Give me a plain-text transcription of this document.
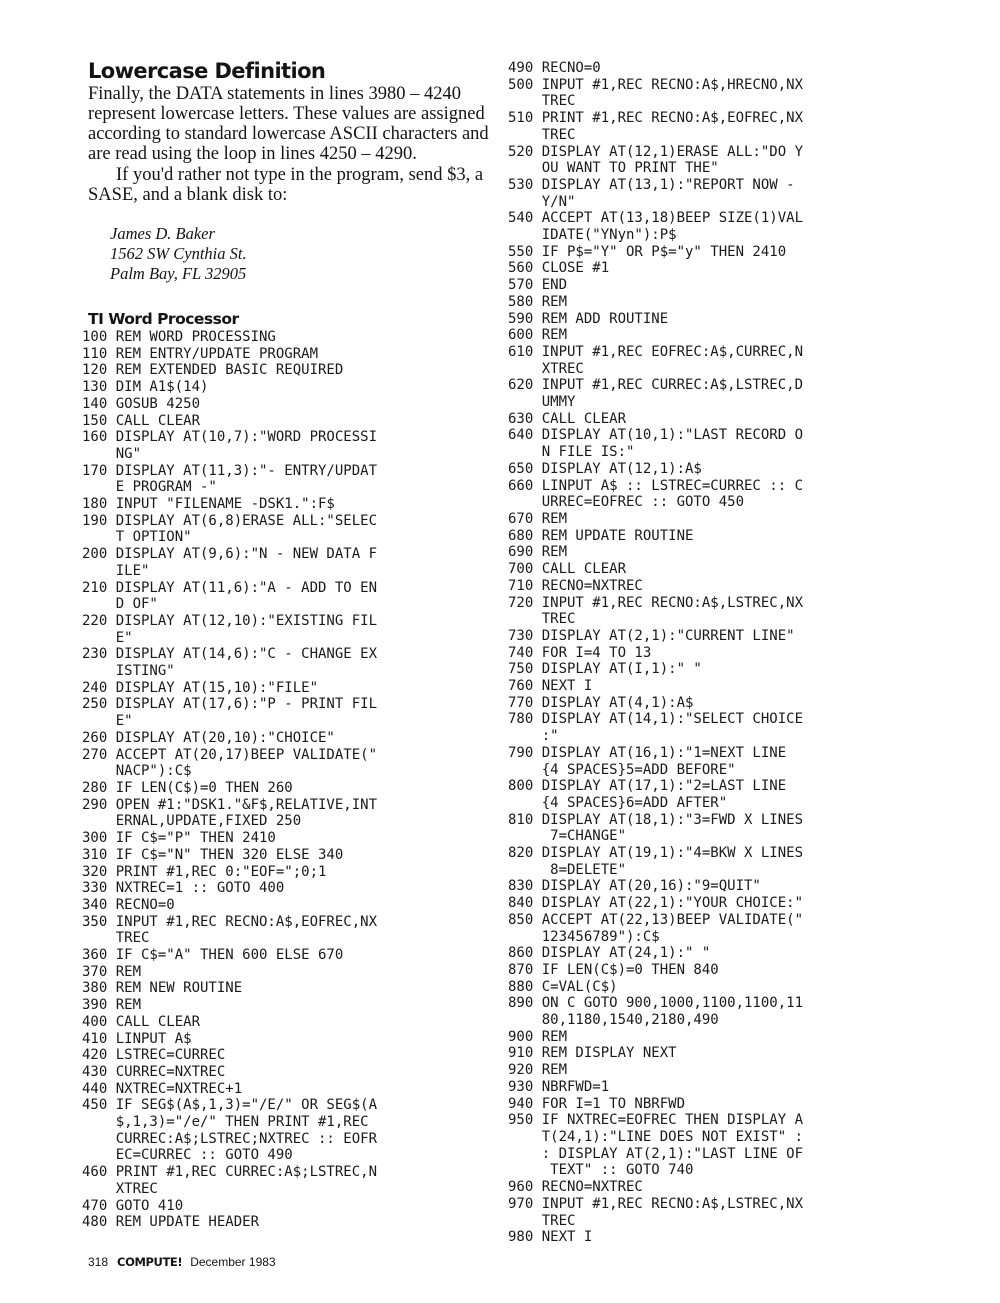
Lowercase Definition

Finally, the DATA statements in lines 3980 – 4240 represent lowercase letters. These values are assigned according to standard lowercase ASCII characters and are read using the loop in lines 4250 – 4290.

If you'd rather not type in the program, send $3, a SASE, and a blank disk to:

James D. Baker
1562 SW Cynthia St.
Palm Bay, FL 32905
TI Word Processor
100 REM WORD PROCESSING
110 REM ENTRY/UPDATE PROGRAM
120 REM EXTENDED BASIC REQUIRED
130 DIM A1$(14)
140 GOSUB 4250
150 CALL CLEAR
160 DISPLAY AT(10,7):"WORD PROCESSI
NG"
170 DISPLAY AT(11,3):"- ENTRY/UPDAT
E PROGRAM -"
180 INPUT "FILENAME -DSK1.":F$
190 DISPLAY AT(6,8)ERASE ALL:"SELEC
T OPTION"
200 DISPLAY AT(9,6):"N - NEW DATA F
ILE"
210 DISPLAY AT(11,6):"A - ADD TO EN
D OF"
220 DISPLAY AT(12,10):"EXISTING FIL
E"
230 DISPLAY AT(14,6):"C - CHANGE EX
ISTING"
240 DISPLAY AT(15,10):"FILE"
250 DISPLAY AT(17,6):"P - PRINT FIL
E"
260 DISPLAY AT(20,10):"CHOICE"
270 ACCEPT AT(20,17)BEEP VALIDATE("
NACP"):C$
280 IF LEN(C$)=0 THEN 260
290 OPEN #1:"DSK1."&F$,RELATIVE,INT
ERNAL,UPDATE,FIXED 250
300 IF C$="P" THEN 2410
310 IF C$="N" THEN 320 ELSE 340
320 PRINT #1,REC 0:"EOF=";0;1
330 NXTREC=1 :: GOTO 400
340 RECNO=0
350 INPUT #1,REC RECNO:A$,EOFREC,NX
TREC
360 IF C$="A" THEN 600 ELSE 670
370 REM
380 REM NEW ROUTINE
390 REM
400 CALL CLEAR
410 LINPUT A$
420 LSTREC=CURREC
430 CURREC=NXTREC
440 NXTREC=NXTREC+1
450 IF SEG$(A$,1,3)="/E/" OR SEG$(A
$,1,3)="/e/" THEN PRINT #1,REC
CURREC:A$;LSTREC;NXTREC :: EOFR
EC=CURREC :: GOTO 490
460 PRINT #1,REC CURREC:A$;LSTREC,N
XTREC
470 GOTO 410
480 REM UPDATE HEADER
490 RECNO=0
500 INPUT #1,REC RECNO:A$,HRECNO,NX
TREC
510 PRINT #1,REC RECNO:A$,EOFREC,NX
TREC
520 DISPLAY AT(12,1)ERASE ALL:"DO Y
OU WANT TO PRINT THE"
530 DISPLAY AT(13,1):"REPORT NOW -
Y/N"
540 ACCEPT AT(13,18)BEEP SIZE(1)VAL
IDATE("YNyn"):P$
550 IF P$="Y" OR P$="y" THEN 2410
560 CLOSE #1
570 END
580 REM
590 REM ADD ROUTINE
600 REM
610 INPUT #1,REC EOFREC:A$,CURREC,N
XTREC
620 INPUT #1,REC CURREC:A$,LSTREC,D
UMMY
630 CALL CLEAR
640 DISPLAY AT(10,1):"LAST RECORD O
N FILE IS:"
650 DISPLAY AT(12,1):A$
660 LINPUT A$ :: LSTREC=CURREC :: C
URREC=EOFREC :: GOTO 450
670 REM
680 REM UPDATE ROUTINE
690 REM
700 CALL CLEAR
710 RECNO=NXTREC
720 INPUT #1,REC RECNO:A$,LSTREC,NX
TREC
730 DISPLAY AT(2,1):"CURRENT LINE"
740 FOR I=4 TO 13
750 DISPLAY AT(I,1):" "
760 NEXT I
770 DISPLAY AT(4,1):A$
780 DISPLAY AT(14,1):"SELECT CHOICE
:"
790 DISPLAY AT(16,1):"1=NEXT LINE
{4 SPACES}5=ADD BEFORE"
800 DISPLAY AT(17,1):"2=LAST LINE
{4 SPACES}6=ADD AFTER"
810 DISPLAY AT(18,1):"3=FWD X LINES
7=CHANGE"
820 DISPLAY AT(19,1):"4=BKW X LINES
8=DELETE"
830 DISPLAY AT(20,16):"9=QUIT"
840 DISPLAY AT(22,1):"YOUR CHOICE:"
850 ACCEPT AT(22,13)BEEP VALIDATE("
123456789"):C$
860 DISPLAY AT(24,1):" "
870 IF LEN(C$)=0 THEN 840
880 C=VAL(C$)
890 ON C GOTO 900,1000,1100,1100,11
80,1180,1540,2180,490
900 REM
910 REM DISPLAY NEXT
920 REM
930 NBRFWD=1
940 FOR I=1 TO NBRFWD
950 IF NXTREC=EOFREC THEN DISPLAY A
T(24,1):"LINE DOES NOT EXIST" :
: DISPLAY AT(2,1):"LAST LINE OF
TEXT" :: GOTO 740
960 RECNO=NXTREC
970 INPUT #1,REC RECNO:A$,LSTREC,NX
TREC
980 NEXT I
318 COMPUTE! December 1983
